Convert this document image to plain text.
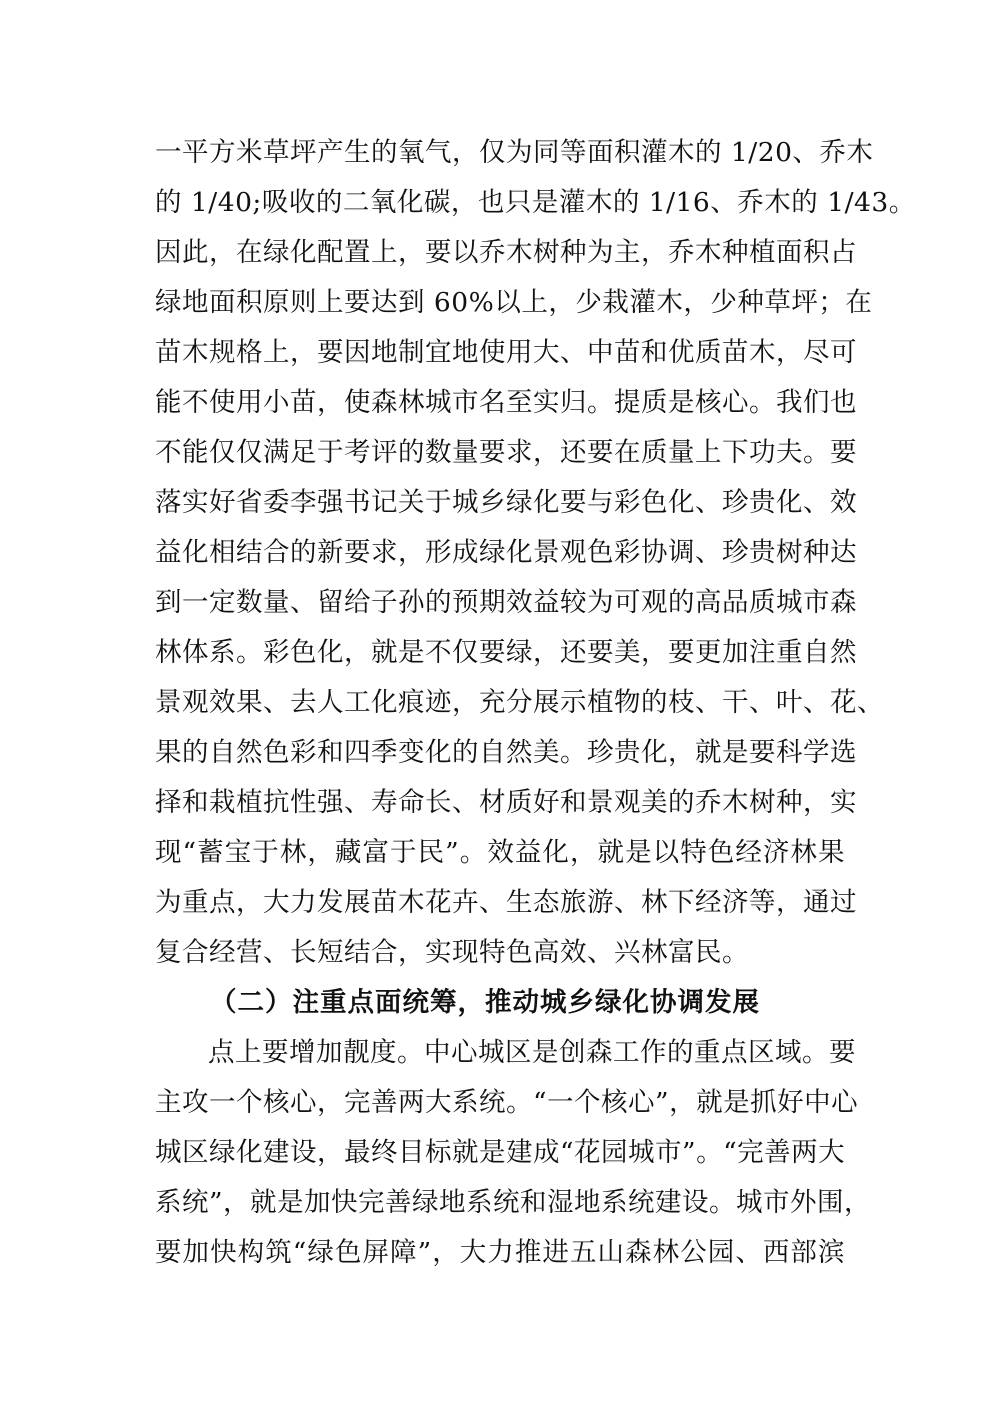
一平方米草坪产生的氧气，仅为同等面积灌木的 1/20、乔木
的 1/40;吸收的二氧化碳，也只是灌木的 1/16、乔木的 1/43。
因此，在绿化配置上，要以乔木树种为主，乔木种植面积占
绿地面积原则上要达到 60%以上，少栽灌木，少种草坪；在
苗木规格上，要因地制宜地使用大、中苗和优质苗木，尽可
能不使用小苗，使森林城市名至实归。提质是核心。我们也
不能仅仅满足于考评的数量要求，还要在质量上下功夫。要
落实好省委李强书记关于城乡绿化要与彩色化、珍贵化、效
益化相结合的新要求，形成绿化景观色彩协调、珍贵树种达
到一定数量、留给子孙的预期效益较为可观的高品质城市森
林体系。彩色化，就是不仅要绿，还要美，要更加注重自然
景观效果、去人工化痕迹，充分展示植物的枝、干、叶、花、
果的自然色彩和四季变化的自然美。珍贵化，就是要科学选
择和栽植抗性强、寿命长、材质好和景观美的乔木树种，实
现“蓄宝于林，藏富于民”。效益化，就是以特色经济林果
为重点，大力发展苗木花卉、生态旅游、林下经济等，通过
复合经营、长短结合，实现特色高效、兴林富民。
（二）注重点面统筹，推动城乡绿化协调发展
点上要增加靓度。中心城区是创森工作的重点区域。要
主攻一个核心，完善两大系统。“一个核心”，就是抓好中心
城区绿化建设，最终目标就是建成“花园城市”。“完善两大
系统”，就是加快完善绿地系统和湿地系统建设。城市外围，
要加快构筑“绿色屏障”，大力推进五山森林公园、西部滨
